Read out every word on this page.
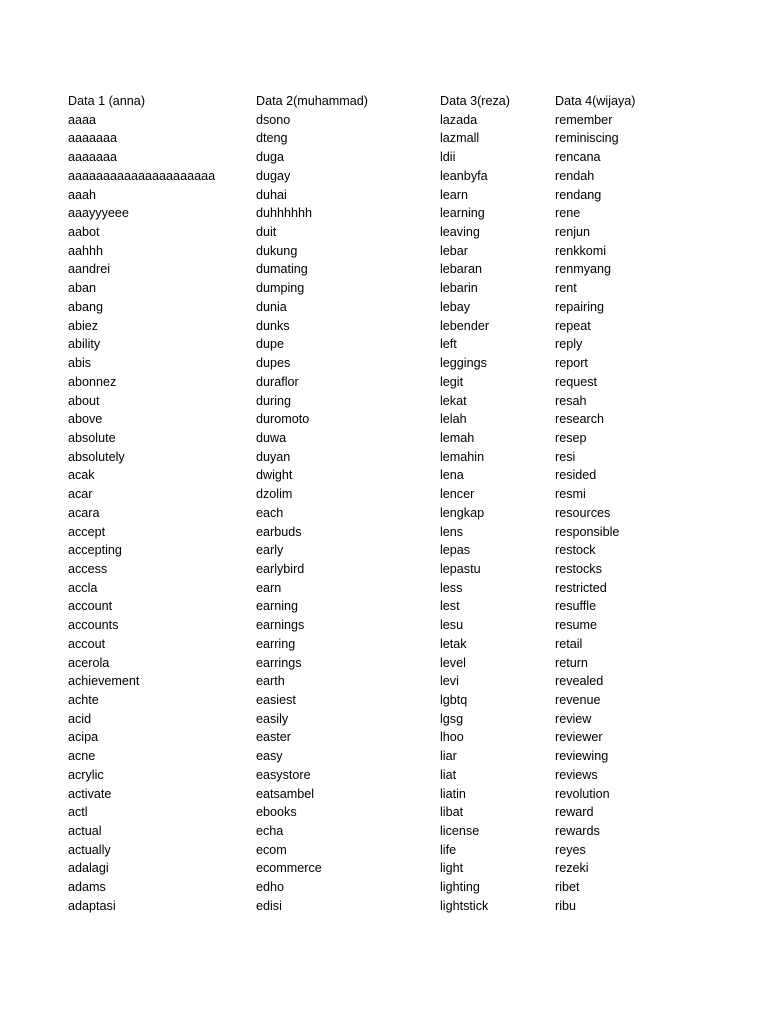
Data 1 (anna)
aaaa
aaaaaaa
aaaaaaa
aaaaaaaaaaaaaaaaaaaaa
aaah
aaayyyeee
aabot
aahhh
aandrei
aban
abang
abiez
ability
abis
abonnez
about
above
absolute
absolutely
acak
acar
acara
accept
accepting
access
accla
account
accounts
accout
acerola
achievement
achte
acid
acipa
acne
acrylic
activate
actl
actual
actually
adalagi
adams
adaptasi
Data 2(muhammad)
dsono
dteng
duga
dugay
duhai
duhhhhhh
duit
dukung
dumating
dumping
dunia
dunks
dupe
dupes
duraflor
during
duromoto
duwa
duyan
dwight
dzolim
each
earbuds
early
earlybird
earn
earning
earnings
earring
earrings
earth
easiest
easily
easter
easy
easystore
eatsambel
ebooks
echa
ecom
ecommerce
edho
edisi
Data 3(reza)
lazada
lazmall
ldii
leanbyfa
learn
learning
leaving
lebar
lebaran
lebarin
lebay
lebender
left
leggings
legit
lekat
lelah
lemah
lemahin
lena
lencer
lengkap
lens
lepas
lepastu
less
lest
lesu
letak
level
levi
lgbtq
lgsg
lhoo
liar
liat
liatin
libat
license
life
light
lighting
lightstick
Data 4(wijaya)
remember
reminiscing
rencana
rendah
rendang
rene
renjun
renkkomi
renmyang
rent
repairing
repeat
reply
report
request
resah
research
resep
resi
resided
resmi
resources
responsible
restock
restocks
restricted
resuffle
resume
retail
return
revealed
revenue
review
reviewer
reviewing
reviews
revolution
reward
rewards
reyes
rezeki
ribet
ribu
